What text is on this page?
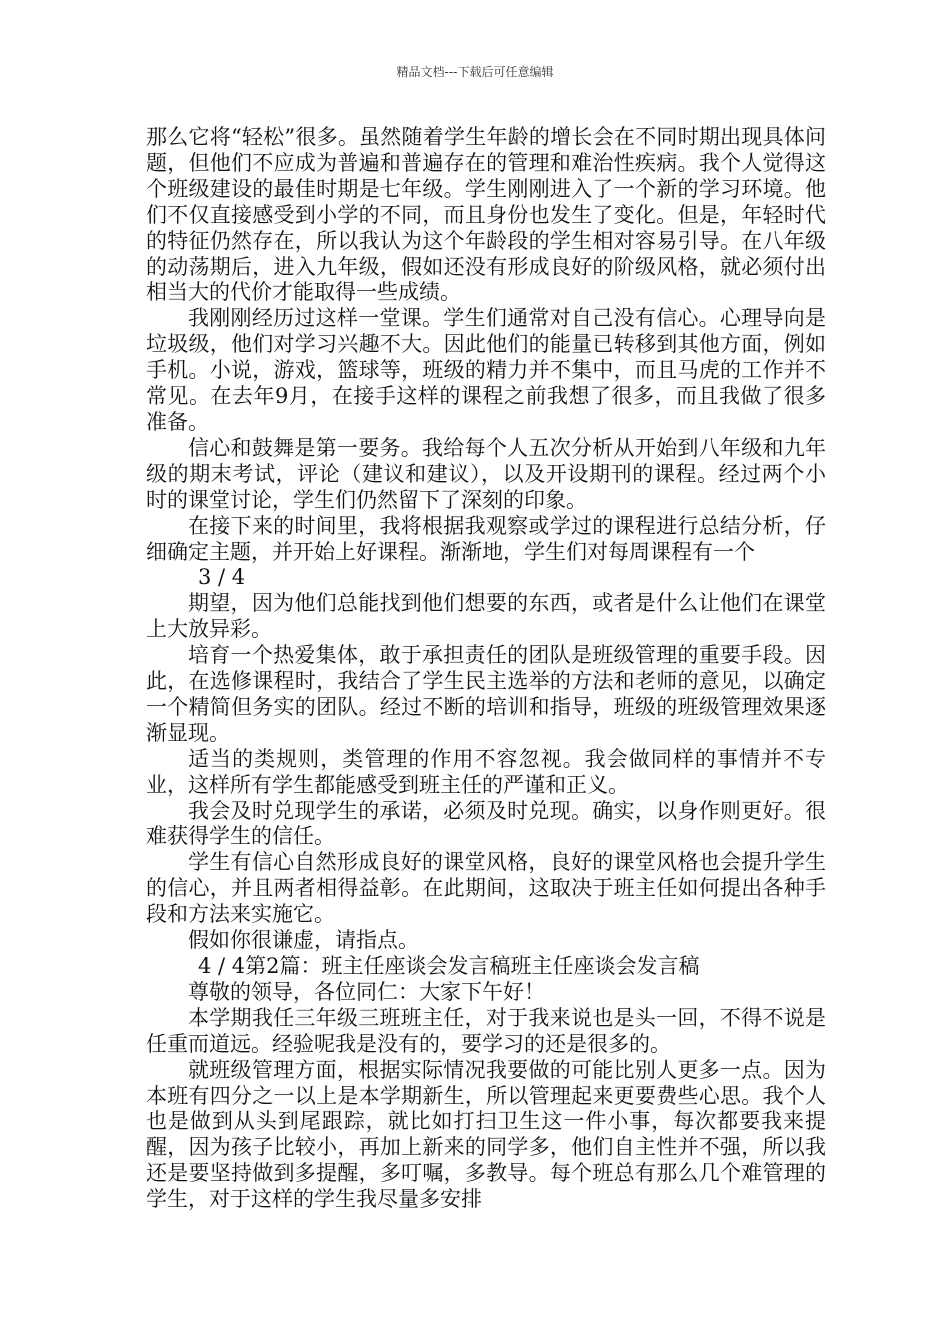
精品文档---下载后可任意编辑

那么它将“轻松”很多。虽然随着学生年龄的增长会在不同时期出现具体问题，但他们不应成为普遍和普遍存在的管理和难治性疾病。我个人觉得这个班级建设的最佳时期是七年级。学生刚刚进入了一个新的学习环境。他们不仅直接感受到小学的不同，而且身份也发生了变化。但是，年轻时代的特征仍然存在，所以我认为这个年龄段的学生相对容易引导。在八年级的动荡期后，进入九年级，假如还没有形成良好的阶级风格，就必须付出相当大的代价才能取得一些成绩。

我刚刚经历过这样一堂课。学生们通常对自己没有信心。心理导向是垃圾级，他们对学习兴趣不大。因此他们的能量已转移到其他方面，例如手机。小说，游戏，篮球等，班级的精力并不集中，而且马虎的工作并不常见。在去年9月，在接手这样的课程之前我想了很多，而且我做了很多准备。

信心和鼓舞是第一要务。我给每个人五次分析从开始到八年级和九年级的期末考试，评论（建议和建议），以及开设期刊的课程。经过两个小时的课堂讨论，学生们仍然留下了深刻的印象。

在接下来的时间里，我将根据我观察或学过的课程进行总结分析，仔细确定主题，并开始上好课程。渐渐地，学生们对每周课程有一个

3 / 4

期望，因为他们总能找到他们想要的东西，或者是什么让他们在课堂上大放异彩。

培育一个热爱集体，敢于承担责任的团队是班级管理的重要手段。因此，在选修课程时，我结合了学生民主选举的方法和老师的意见，以确定一个精简但务实的团队。经过不断的培训和指导，班级的班级管理效果逐渐显现。

适当的类规则，类管理的作用不容忽视。我会做同样的事情并不专业，这样所有学生都能感受到班主任的严谨和正义。

我会及时兑现学生的承诺，必须及时兑现。确实，以身作则更好。很难获得学生的信任。

学生有信心自然形成良好的课堂风格，良好的课堂风格也会提升学生的信心，并且两者相得益彰。在此期间，这取决于班主任如何提出各种手段和方法来实施它。

假如你很谦虚，请指点。

4 / 4第2篇：班主任座谈会发言稿班主任座谈会发言稿

尊敬的领导，各位同仁：大家下午好！

本学期我任三年级三班班主任，对于我来说也是头一回，不得不说是任重而道远。经验呢我是没有的，要学习的还是很多的。

就班级管理方面，根据实际情况我要做的可能比别人更多一点。因为本班有四分之一以上是本学期新生，所以管理起来更要费些心思。我个人也是做到从头到尾跟踪，就比如打扫卫生这一件小事，每次都要我来提醒，因为孩子比较小，再加上新来的同学多，他们自主性并不强，所以我还是要坚持做到多提醒，多叮嘱，多教导。每个班总有那么几个难管理的学生，对于这样的学生我尽量多安排
